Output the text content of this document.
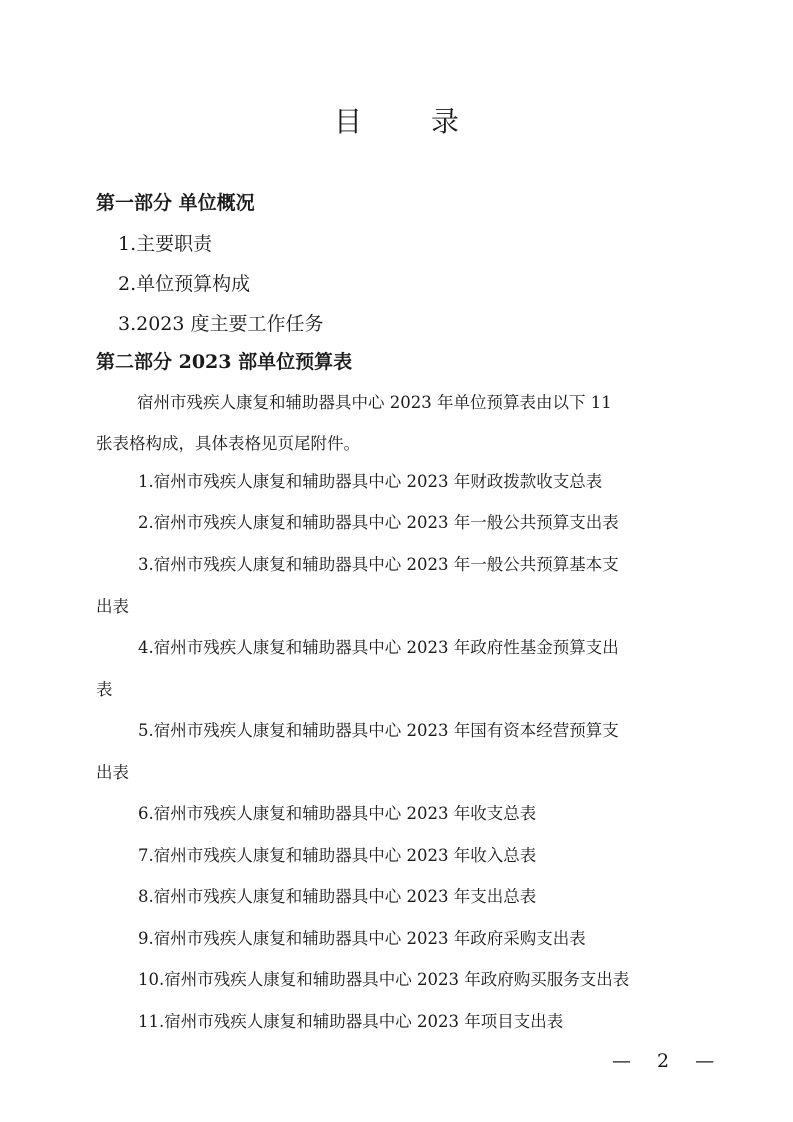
目 录
第一部分 单位概况
1.主要职责
2.单位预算构成
3.2023 度主要工作任务
第二部分 2023 部单位预算表
宿州市残疾人康复和辅助器具中心 2023 年单位预算表由以下 11
张表格构成，具体表格见页尾附件。
1.宿州市残疾人康复和辅助器具中心 2023 年财政拨款收支总表
2.宿州市残疾人康复和辅助器具中心 2023 年一般公共预算支出表
3.宿州市残疾人康复和辅助器具中心 2023 年一般公共预算基本支
出表
4.宿州市残疾人康复和辅助器具中心 2023 年政府性基金预算支出
表
5.宿州市残疾人康复和辅助器具中心 2023 年国有资本经营预算支
出表
6.宿州市残疾人康复和辅助器具中心 2023 年收支总表
7.宿州市残疾人康复和辅助器具中心 2023 年收入总表
8.宿州市残疾人康复和辅助器具中心 2023 年支出总表
9.宿州市残疾人康复和辅助器具中心 2023 年政府采购支出表
10.宿州市残疾人康复和辅助器具中心 2023 年政府购买服务支出表
11.宿州市残疾人康复和辅助器具中心 2023 年项目支出表
— 2 —
